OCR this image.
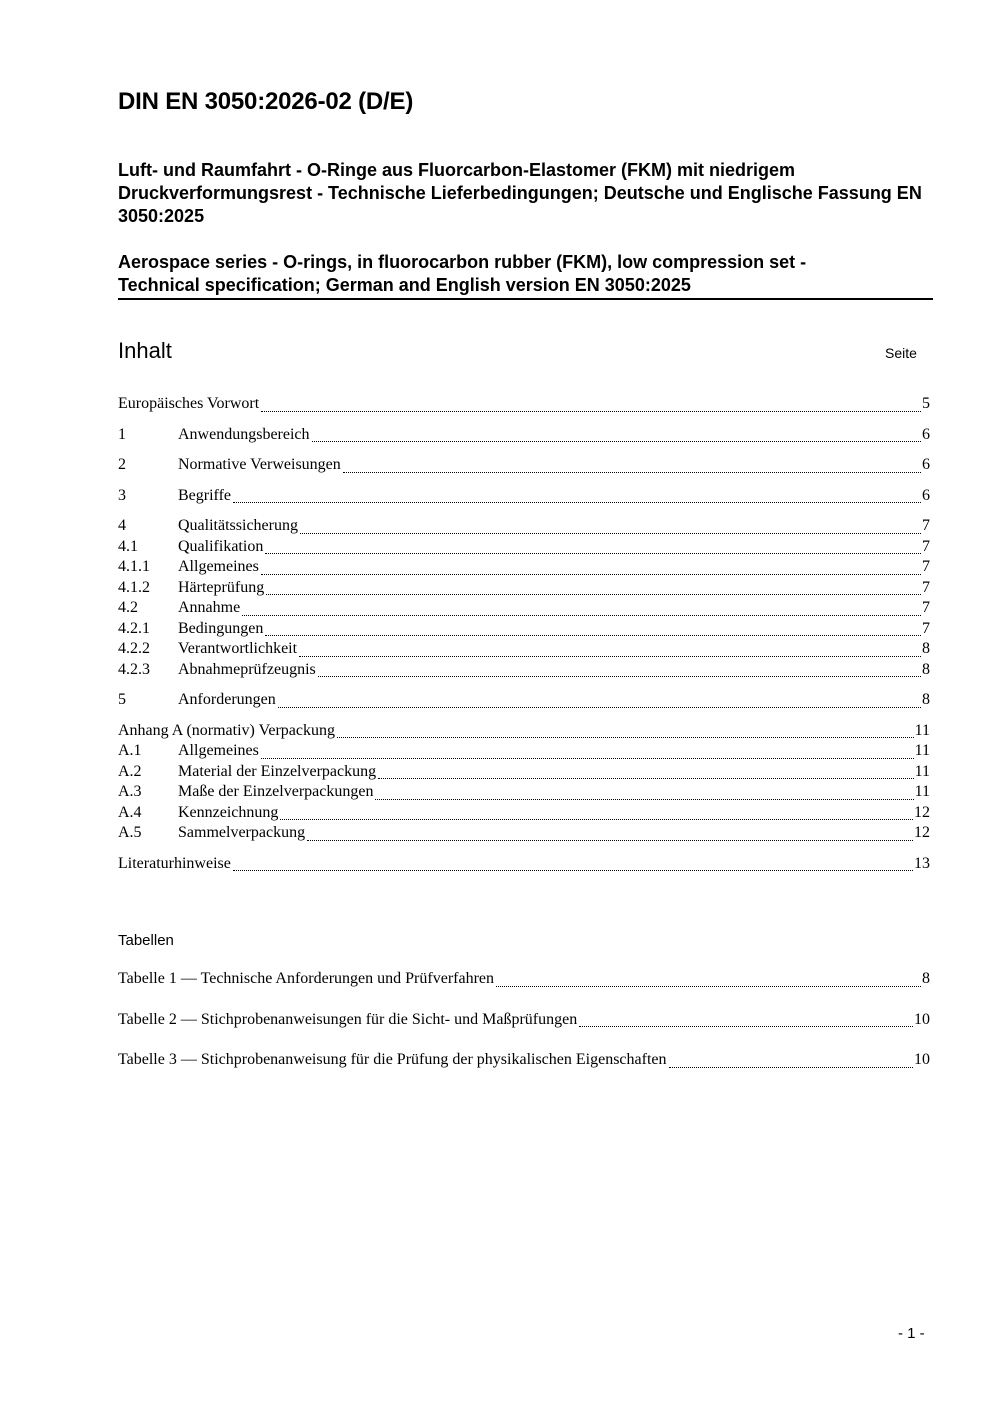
DIN EN 3050:2026-02 (D/E)
Luft- und Raumfahrt - O-Ringe aus Fluorcarbon-Elastomer (FKM) mit niedrigem Druckverformungsrest - Technische Lieferbedingungen; Deutsche und Englische Fassung EN 3050:2025
Aerospace series - O-rings, in fluorocarbon rubber (FKM), low compression set -
Technical specification; German and English version EN 3050:2025
Inhalt	Seite
Europäisches Vorwort	5
1	Anwendungsbereich	6
2	Normative Verweisungen	6
3	Begriffe	6
4	Qualitätssicherung	7
4.1	Qualifikation	7
4.1.1	Allgemeines	7
4.1.2	Härteprüfung	7
4.2	Annahme	7
4.2.1	Bedingungen	7
4.2.2	Verantwortlichkeit	8
4.2.3	Abnahmeprüfzeugnis	8
5	Anforderungen	8
Anhang A (normativ) Verpackung	11
A.1	Allgemeines	11
A.2	Material der Einzelverpackung	11
A.3	Maße der Einzelverpackungen	11
A.4	Kennzeichnung	12
A.5	Sammelverpackung	12
Literaturhinweise	13
Tabellen
Tabelle 1 — Technische Anforderungen und Prüfverfahren	8
Tabelle 2 — Stichprobenanweisungen für die Sicht- und Maßprüfungen	10
Tabelle 3 — Stichprobenanweisung für die Prüfung der physikalischen Eigenschaften	10
- 1 -
